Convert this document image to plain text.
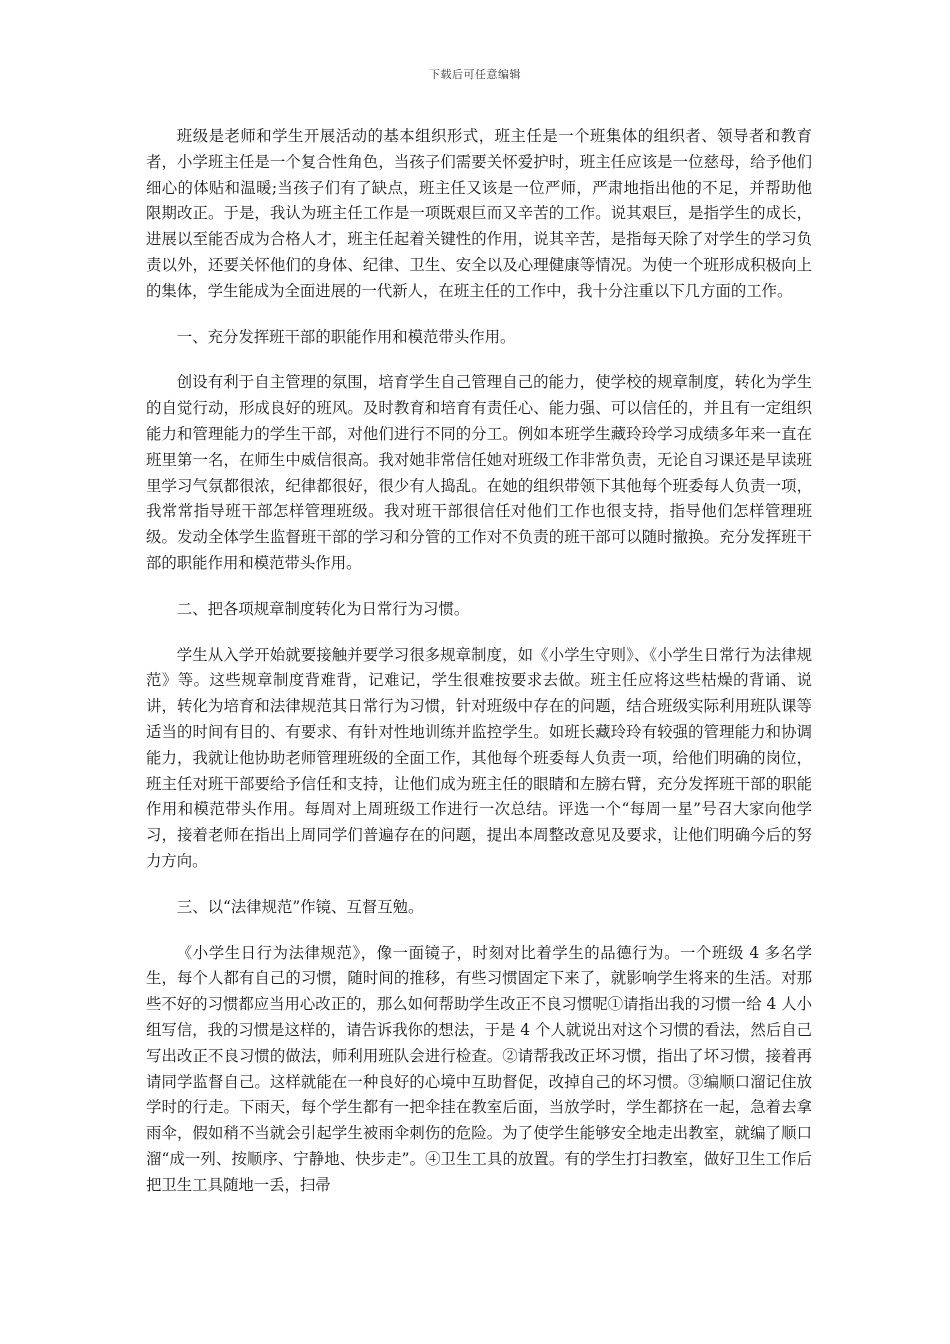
下载后可任意编辑

班级是老师和学生开展活动的基本组织形式，班主任是一个班集体的组织者、领导者和教育者，小学班主任是一个复合性角色，当孩子们需要关怀爱护时，班主任应该是一位慈母，给予他们细心的体贴和温暖;当孩子们有了缺点，班主任又该是一位严师，严肃地指出他的不足，并帮助他限期改正。于是，我认为班主任工作是一项既艰巨而又辛苦的工作。说其艰巨，是指学生的成长，进展以至能否成为合格人才，班主任起着关键性的作用，说其辛苦，是指每天除了对学生的学习负责以外，还要关怀他们的身体、纪律、卫生、安全以及心理健康等情况。为使一个班形成积极向上的集体，学生能成为全面进展的一代新人，在班主任的工作中，我十分注重以下几方面的工作。

一、充分发挥班干部的职能作用和模范带头作用。

创设有利于自主管理的氛围，培育学生自己管理自己的能力，使学校的规章制度，转化为学生的自觉行动，形成良好的班风。及时教育和培育有责任心、能力强、可以信任的，并且有一定组织能力和管理能力的学生干部，对他们进行不同的分工。例如本班学生藏玲玲学习成绩多年来一直在班里第一名，在师生中威信很高。我对她非常信任她对班级工作非常负责，无论自习课还是早读班里学习气氛都很浓，纪律都很好，很少有人捣乱。在她的组织带领下其他每个班委每人负责一项，我常常指导班干部怎样管理班级。我对班干部很信任对他们工作也很支持，指导他们怎样管理班级。发动全体学生监督班干部的学习和分管的工作对不负责的班干部可以随时撤换。充分发挥班干部的职能作用和模范带头作用。

二、把各项规章制度转化为日常行为习惯。

学生从入学开始就要接触并要学习很多规章制度，如《小学生守则》、《小学生日常行为法律规范》等。这些规章制度背难背，记难记，学生很难按要求去做。班主任应将这些枯燥的背诵、说讲，转化为培育和法律规范其日常行为习惯，针对班级中存在的问题，结合班级实际利用班队课等适当的时间有目的、有要求、有针对性地训练并监控学生。如班长藏玲玲有较强的管理能力和协调能力，我就让他协助老师管理班级的全面工作，其他每个班委每人负责一项，给他们明确的岗位，班主任对班干部要给予信任和支持，让他们成为班主任的眼睛和左膀右臂，充分发挥班干部的职能作用和模范带头作用。每周对上周班级工作进行一次总结。评选一个“每周一星”号召大家向他学习，接着老师在指出上周同学们普遍存在的问题，提出本周整改意见及要求，让他们明确今后的努力方向。

三、以“法律规范”作镜、互督互勉。

《小学生日行为法律规范》，像一面镜子，时刻对比着学生的品德行为。一个班级 4 多名学生，每个人都有自己的习惯，随时间的推移，有些习惯固定下来了，就影响学生将来的生活。对那些不好的习惯都应当用心改正的，那么如何帮助学生改正不良习惯呢①请指出我的习惯一给 4 人小组写信，我的习惯是这样的，请告诉我你的想法，于是 4 个人就说出对这个习惯的看法，然后自己写出改正不良习惯的做法，师利用班队会进行检查。②请帮我改正坏习惯，指出了坏习惯，接着再请同学监督自己。这样就能在一种良好的心境中互助督促，改掉自己的坏习惯。③编顺口溜记住放学时的行走。下雨天，每个学生都有一把伞挂在教室后面，当放学时，学生都挤在一起，急着去拿雨伞，假如稍不当就会引起学生被雨伞刺伤的危险。为了使学生能够安全地走出教室，就编了顺口溜“成一列、按顺序、宁静地、快步走”。④卫生工具的放置。有的学生打扫教室，做好卫生工作后把卫生工具随地一丢，扫帚
